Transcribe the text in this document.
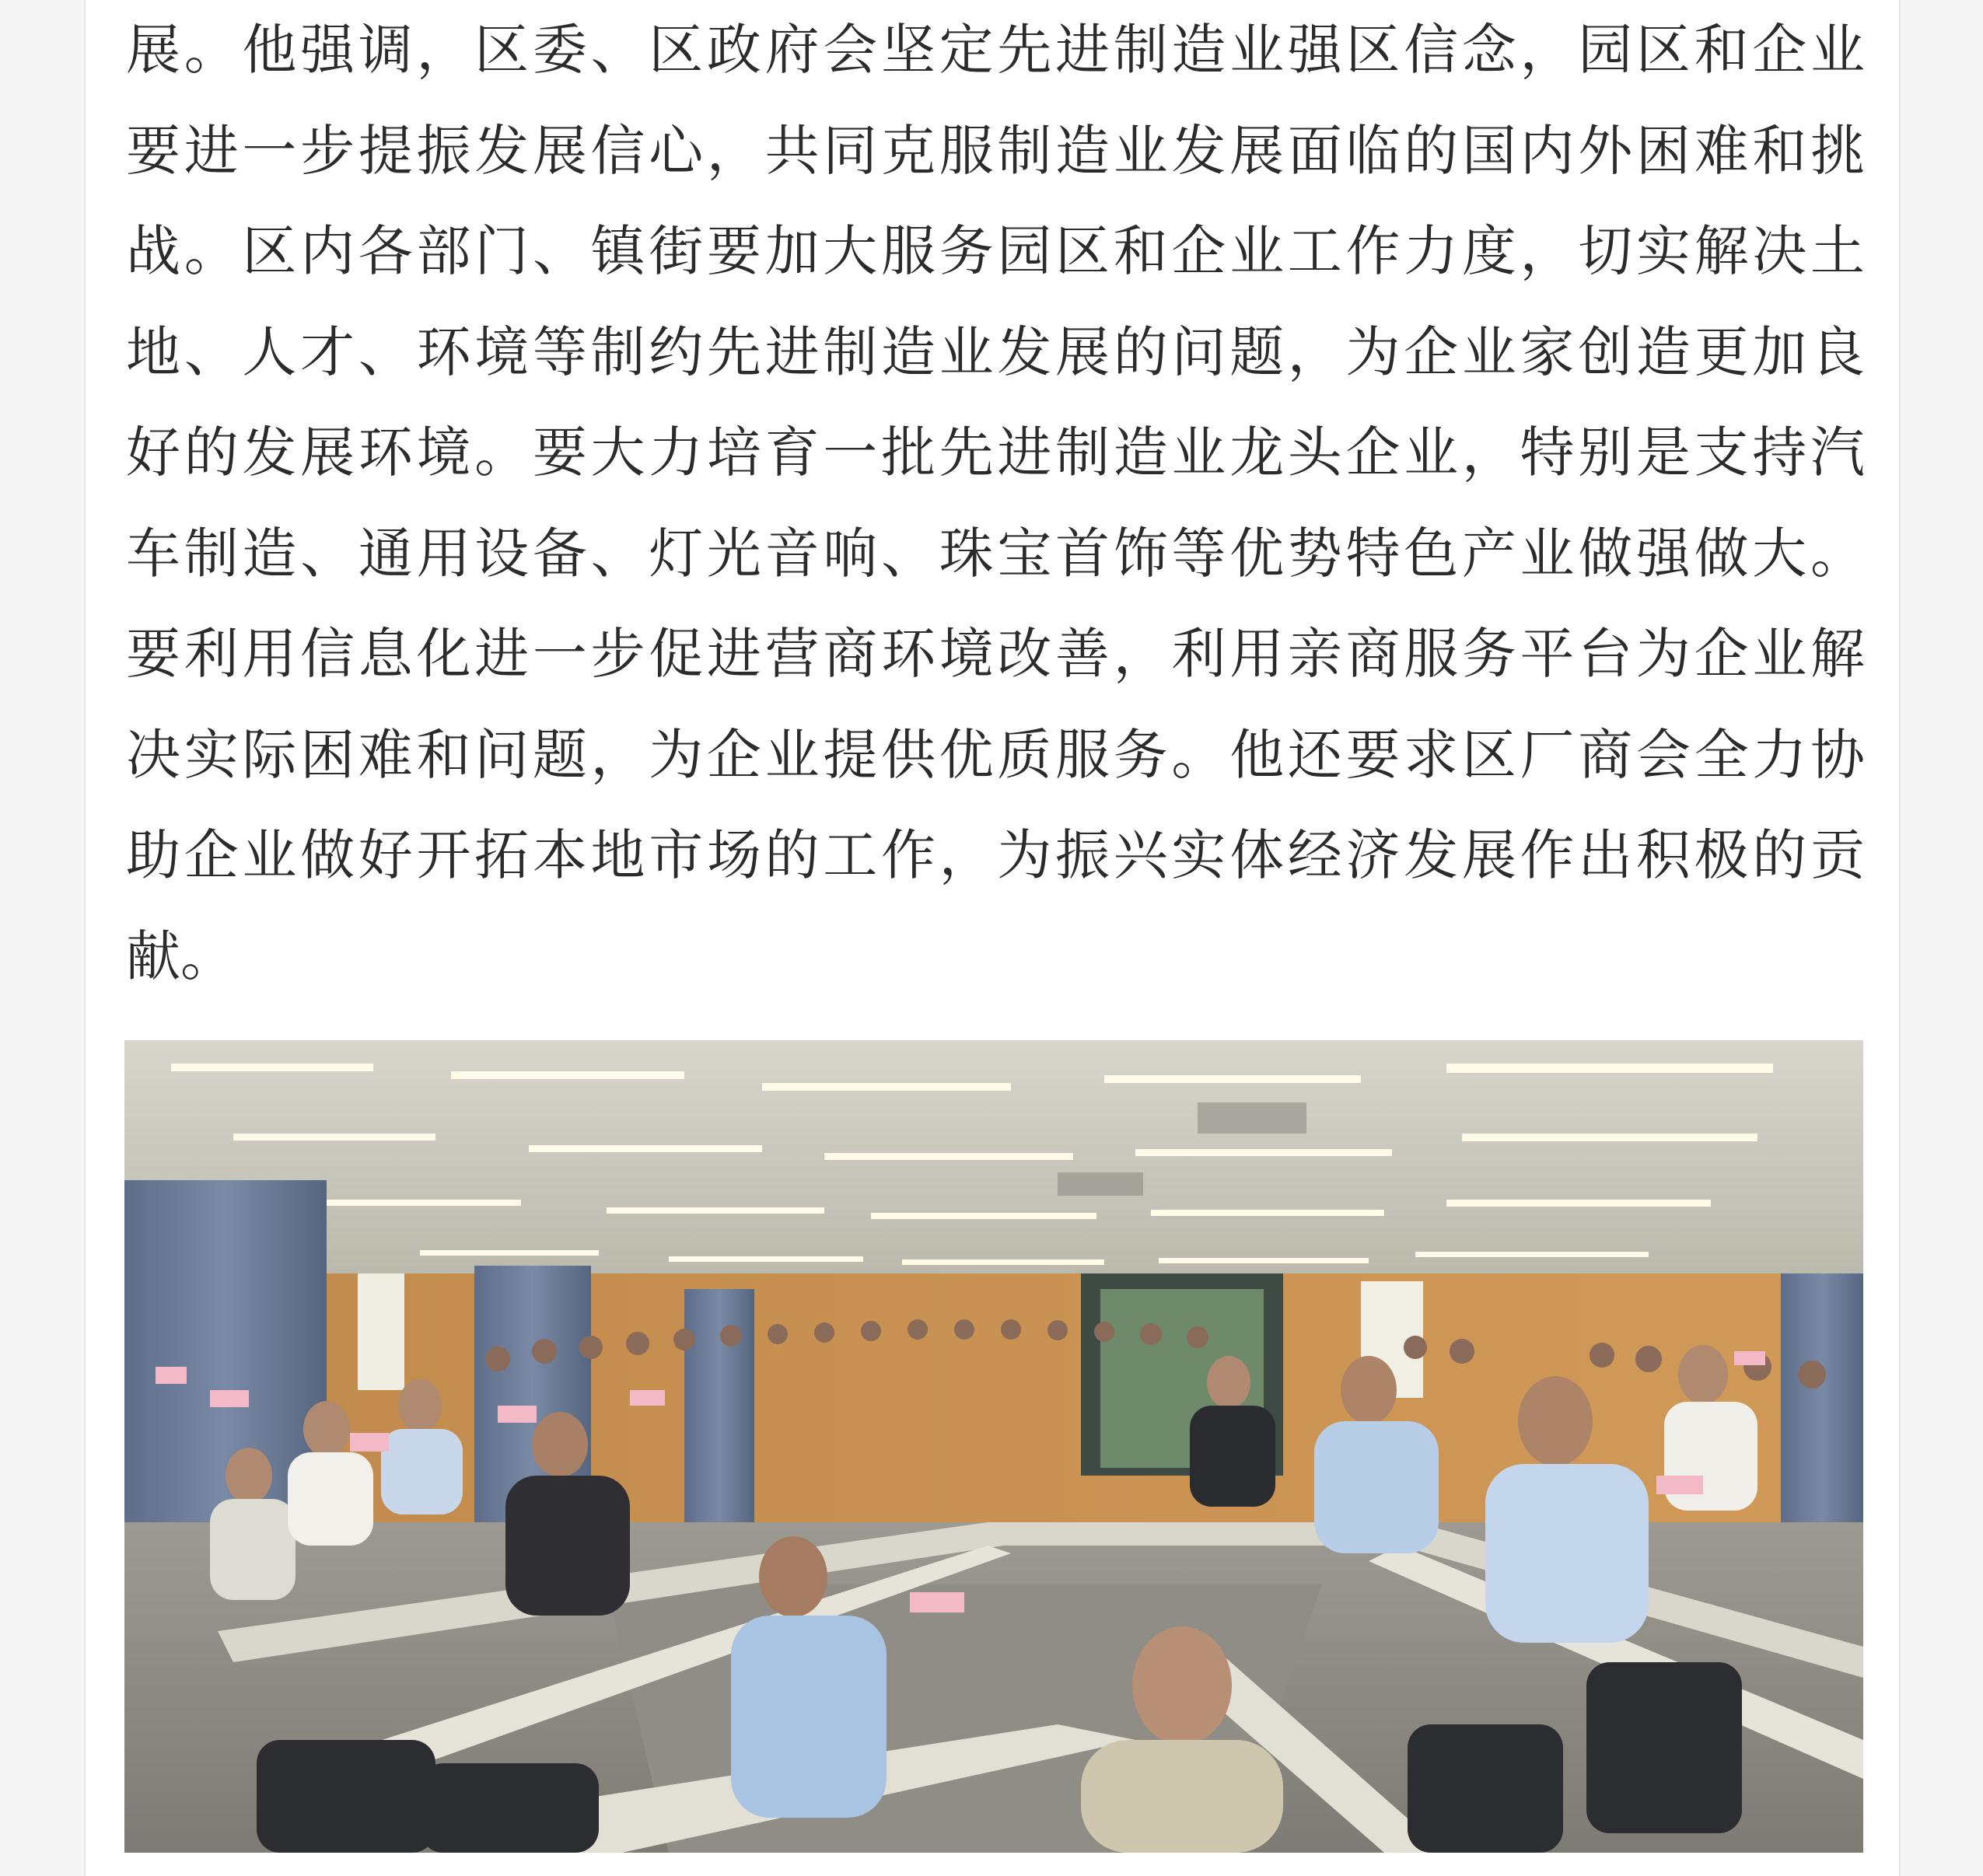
展。他强调，区委、区政府会坚定先进制造业强区信念，园区和企业
要进一步提振发展信心，共同克服制造业发展面临的国内外困难和挑
战。区内各部门、镇街要加大服务园区和企业工作力度，切实解决土
地、人才、环境等制约先进制造业发展的问题，为企业家创造更加良
好的发展环境。要大力培育一批先进制造业龙头企业，特别是支持汽
车制造、通用设备、灯光音响、珠宝首饰等优势特色产业做强做大。
要利用信息化进一步促进营商环境改善，利用亲商服务平台为企业解
决实际困难和问题，为企业提供优质服务。他还要求区厂商会全力协
助企业做好开拓本地市场的工作，为振兴实体经济发展作出积极的贡
献。
